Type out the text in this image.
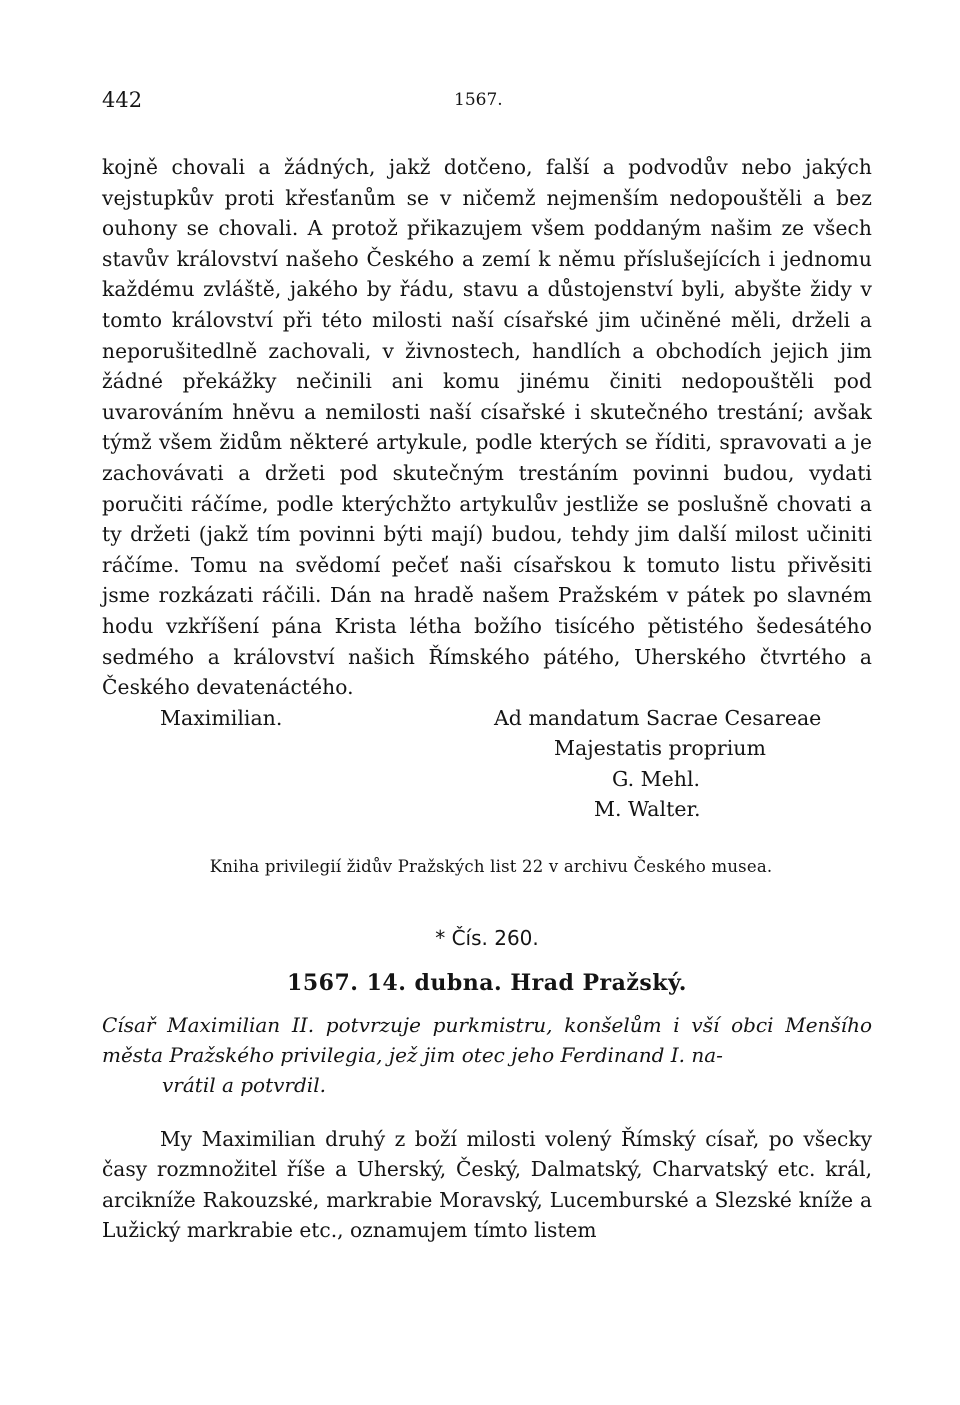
442	1567.

kojně chovali a žádných, jakž dotčeno, falší a podvodův nebo jakých vejstupkův proti křesťanům se v ničemž nejmenším nedopouštěli a bez ouhony se chovali. A protož přikazujem všem poddaným našim ze všech stavův království našeho Českého a zemí k němu příslušejících i jednomu každému zvláště, jakého by řádu, stavu a důstojenství byli, abyšte židy v tomto království při této milosti naší císařské jim učiněné měli, drželi a neporušitedlně zachovali, v živnostech, handlích a obchodích jejich jim žádné překážky nečinili ani komu jinému činiti nedopouštěli pod uvarováním hněvu a nemilosti naší císařské i skutečného trestání; avšak týmž všem židům některé artykule, podle kterých se říditi, spravovati a je zachovávati a držeti pod skutečným trestáním povinni budou, vydati poručiti ráčíme, podle kterýchžto artykulův jestliže se poslušně chovati a ty držeti (jakž tím povinni býti mají) budou, tehdy jim další milost učiniti ráčíme. Tomu na svědomí pečeť naši císařskou k tomuto listu přivěsiti jsme rozkázati ráčili. Dán na hradě našem Pražském v pátek po slavném hodu vzkříšení pána Krista létha božího tisícého pětistého šedesátého sedmého a království našich Římského pátého, Uherského čtvrtého a Českého devatenáctého.

Maximilian.	Ad mandatum Sacrae Cesareae
Majestatis proprium
G. Mehl.
M. Walter.
Kniha privilegií židův Pražských list 22 v archivu Českého musea.
* Čís. 260.
1567. 14. dubna. Hrad Pražský.
Císař Maximilian II. potvrzuje purkmistru, konšelům i vší obci Menšího města Pražského privilegia, jež jim otec jeho Ferdinand I. na-
vrátil a potvrdil.
My Maximilian druhý z boží milosti volený Římský císař, po všecky časy rozmnožitel říše a Uherský, Český, Dalmatský, Charvatský etc. král, arcikníže Rakouzské, markrabie Moravský, Lucemburské a Slezské kníže a Lužický markrabie etc., oznamujem tímto listem
